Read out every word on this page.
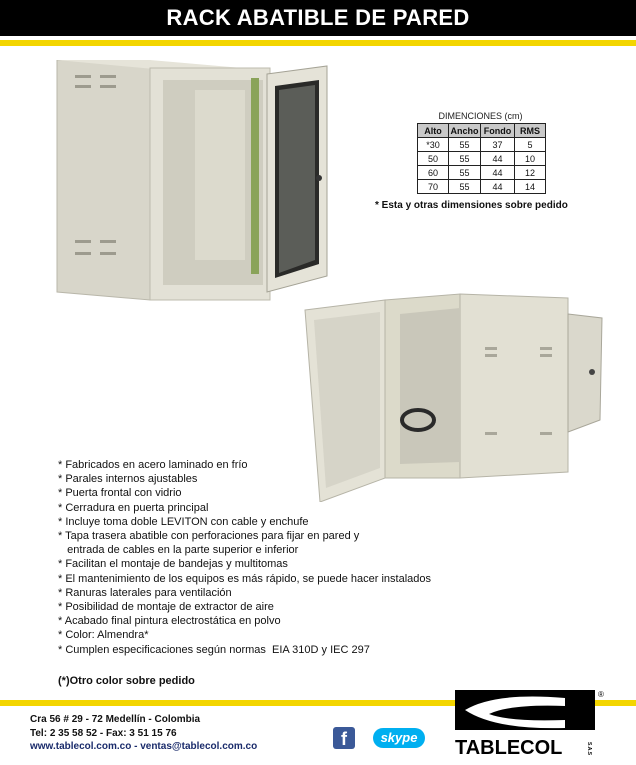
RACK ABATIBLE DE PARED
DIMENCIONES (cm)
Alto	Ancho	Fondo	RMS
*30	55	37	5
50	55	44	10
60	55	44	12
70	55	44	14
* Esta y otras dimensiones sobre pedido
* Fabricados en acero laminado en frío
* Parales internos ajustables
* Puerta frontal con vidrio
* Cerradura en puerta principal
* Incluye toma doble LEVITON con cable y enchufe
* Tapa trasera abatible con perforaciones para fijar en pared y
entrada de cables en la parte superior e inferior
* Facilitan el montaje de bandejas y multitomas
* El mantenimiento de los equipos es más rápido, se puede hacer instalados
* Ranuras laterales para ventilación
* Posibilidad de montaje de extractor de aire
* Acabado final pintura electrostática en polvo
* Color: Almendra*
* Cumplen especificaciones según normas  EIA 310D y IEC 297
(*)Otro color sobre pedido
Cra 56 # 29 - 72 Medellín - Colombia
Tel: 2 35 58 52 - Fax: 3 51 15 76
www.tablecol.com.co - ventas@tablecol.com.co	f	skype	TABLECOL
®
S.A.S
